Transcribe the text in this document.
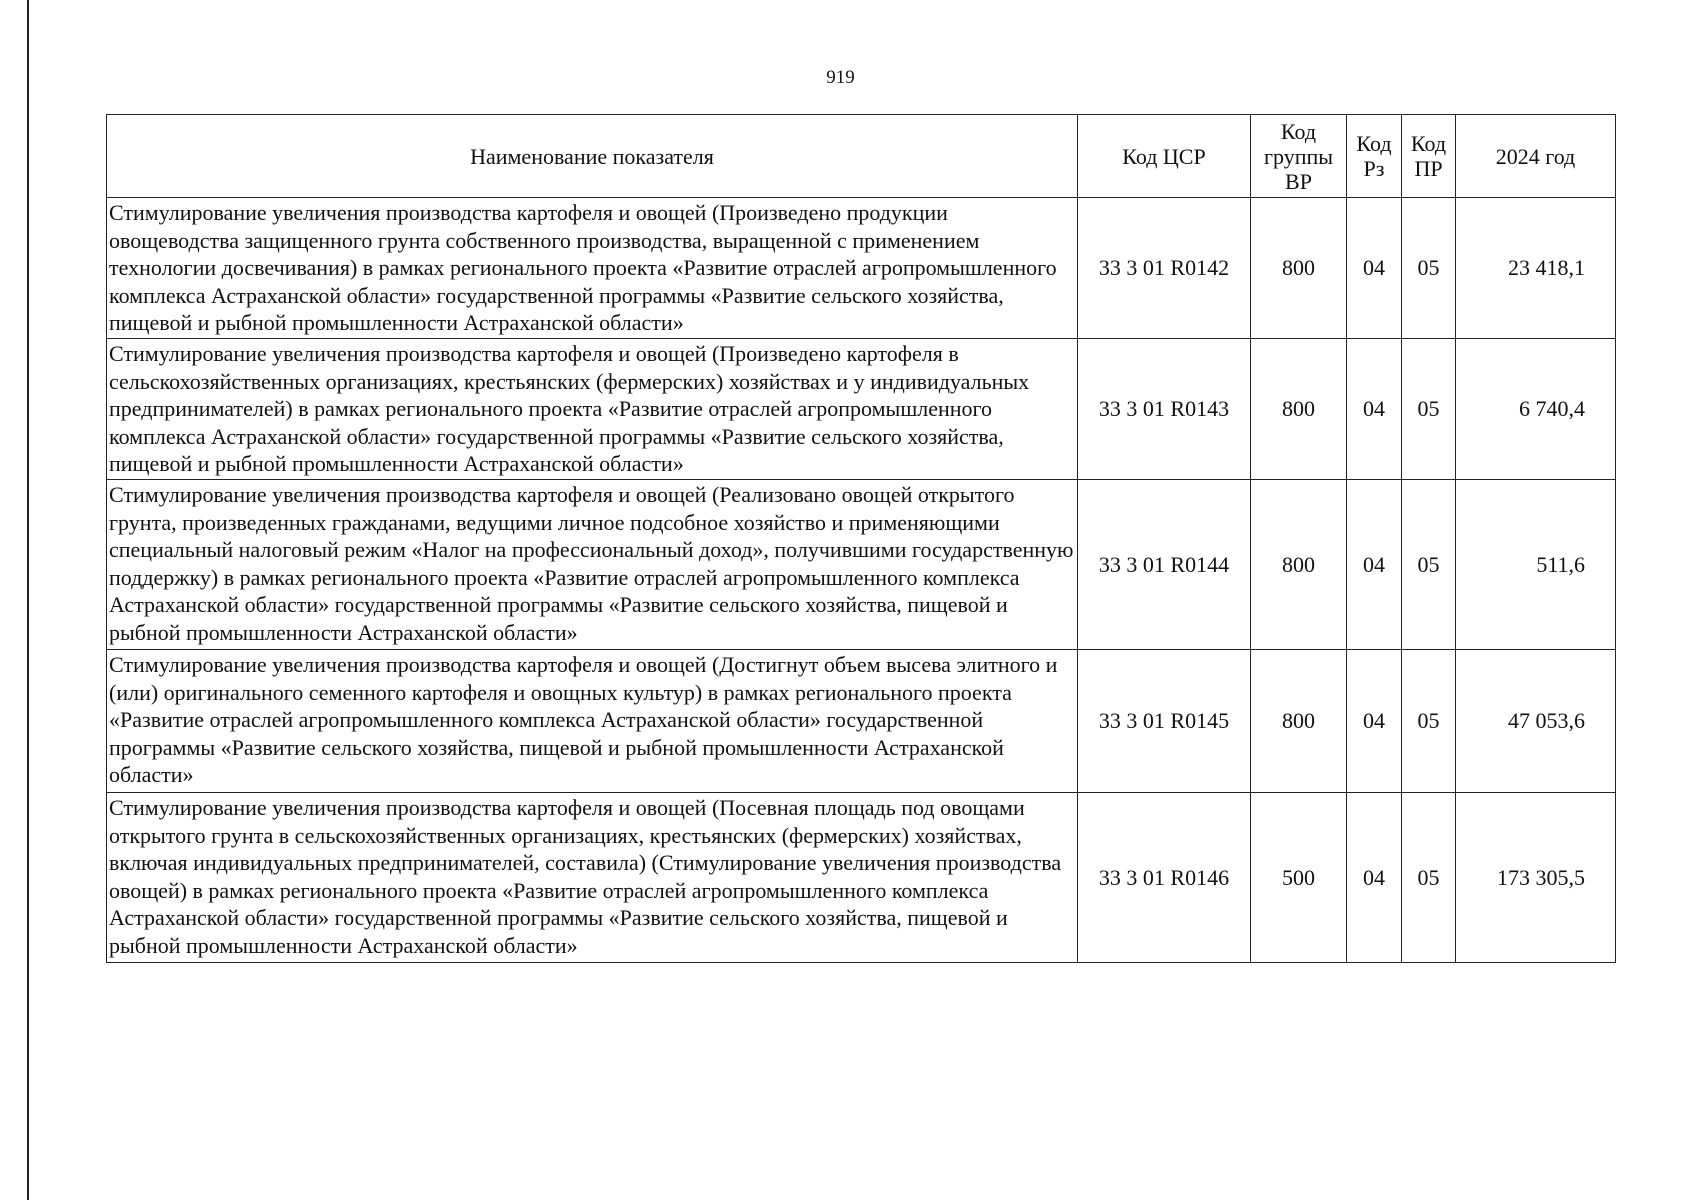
919
Наименование показателя	Код ЦСР	Код группы ВР	Код Рз	Код ПР	2024 год
Стимулирование увеличения производства картофеля и овощей (Произведено продукции овощеводства защищенного грунта собственного производства, выращенной с применением технологии досвечивания) в рамках регионального проекта «Развитие отраслей агропромышленного комплекса Астраханской области» государственной программы «Развитие сельского хозяйства, пищевой и рыбной промышленности Астраханской области»	33 3 01 R0142	800	04	05	23 418,1
Стимулирование увеличения производства картофеля и овощей (Произведено картофеля в сельскохозяйственных организациях, крестьянских (фермерских) хозяйствах и у индивидуальных предпринимателей) в рамках регионального проекта «Развитие отраслей агропромышленного комплекса Астраханской области» государственной программы «Развитие сельского хозяйства, пищевой и рыбной промышленности Астраханской области»	33 3 01 R0143	800	04	05	6 740,4
Стимулирование увеличения производства картофеля и овощей (Реализовано овощей открытого грунта, произведенных гражданами, ведущими личное подсобное хозяйство и применяющими специальный налоговый режим «Налог на профессиональный доход», получившими государственную поддержку) в рамках регионального проекта «Развитие отраслей агропромышленного комплекса Астраханской области» государственной программы «Развитие сельского хозяйства, пищевой и рыбной промышленности Астраханской области»	33 3 01 R0144	800	04	05	511,6
Стимулирование увеличения производства картофеля и овощей (Достигнут объем высева элитного и (или) оригинального семенного картофеля и овощных культур) в рамках регионального проекта «Развитие отраслей агропромышленного комплекса Астраханской области» государственной программы «Развитие сельского хозяйства, пищевой и рыбной промышленности Астраханской области»	33 3 01 R0145	800	04	05	47 053,6
Стимулирование увеличения производства картофеля и овощей (Посевная площадь под овощами открытого грунта в сельскохозяйственных организациях, крестьянских (фермерских) хозяйствах, включая индивидуальных предпринимателей, составила) (Стимулирование увеличения производства овощей) в рамках регионального проекта «Развитие отраслей агропромышленного комплекса Астраханской области» государственной программы «Развитие сельского хозяйства, пищевой и рыбной промышленности Астраханской области»	33 3 01 R0146	500	04	05	173 305,5
